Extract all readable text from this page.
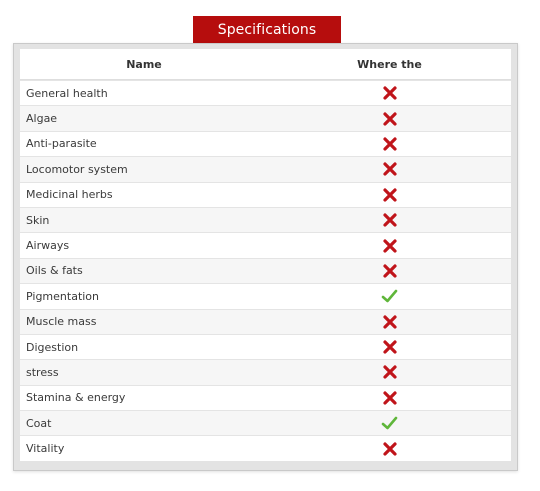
Specifications
Name	Where the
General health
Algae
Anti-parasite
Locomotor system
Medicinal herbs
Skin
Airways
Oils & fats
Pigmentation
Muscle mass
Digestion
stress
Stamina & energy
Coat
Vitality
